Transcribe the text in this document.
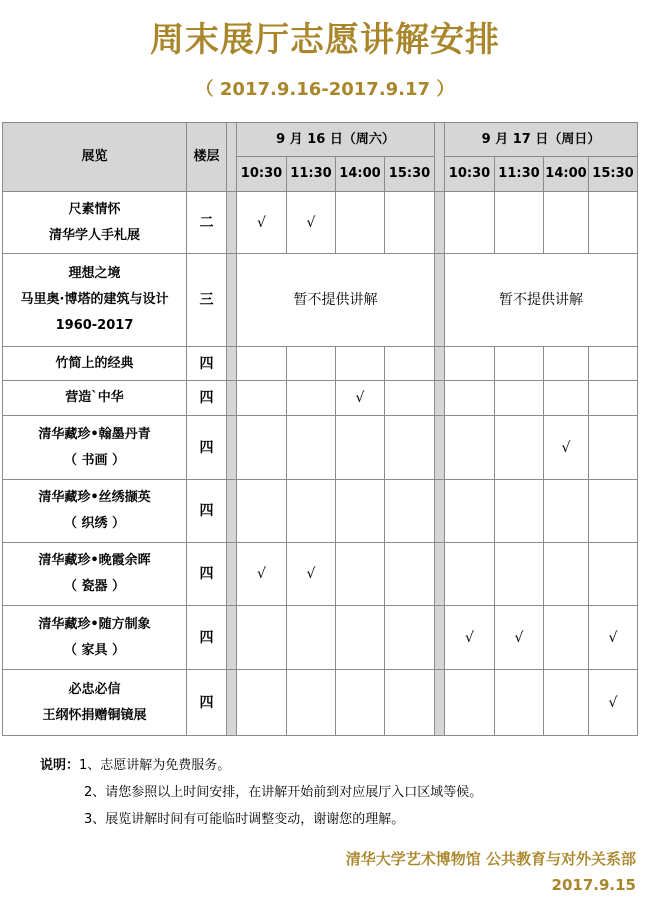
周末展厅志愿讲解安排
（ 2017.9.16-2017.9.17 ）
展览	楼层		9 月 16 日（周六）					9 月 17 日（周日）			
			10:30	11:30	14:00	15:30		10:30	11:30	14:00	15:30

尺素情怀
清华学人手札展	二		√	√							

理想之境
马里奥·博塔的建筑与设计
1960-2017	三		暂不提供讲解					暂不提供讲解			

竹简上的经典	四										

营造`中华	四				√						

清华藏珍•翰墨丹青
（ 书画 ）	四									√	

清华藏珍•丝绣撷英
（ 织绣 ）	四										

清华藏珍•晚霞余晖
（ 瓷器 ）	四		√	√							

清华藏珍•随方制象
（ 家具 ）	四							√	√		√

必忠必信
王纲怀捐赠铜镜展	四										√
说明：1、志愿讲解为免费服务。
2、请您参照以上时间安排，在讲解开始前到对应展厅入口区域等候。
3、展览讲解时间有可能临时调整变动，谢谢您的理解。
清华大学艺术博物馆 公共教育与对外关系部
2017.9.15
